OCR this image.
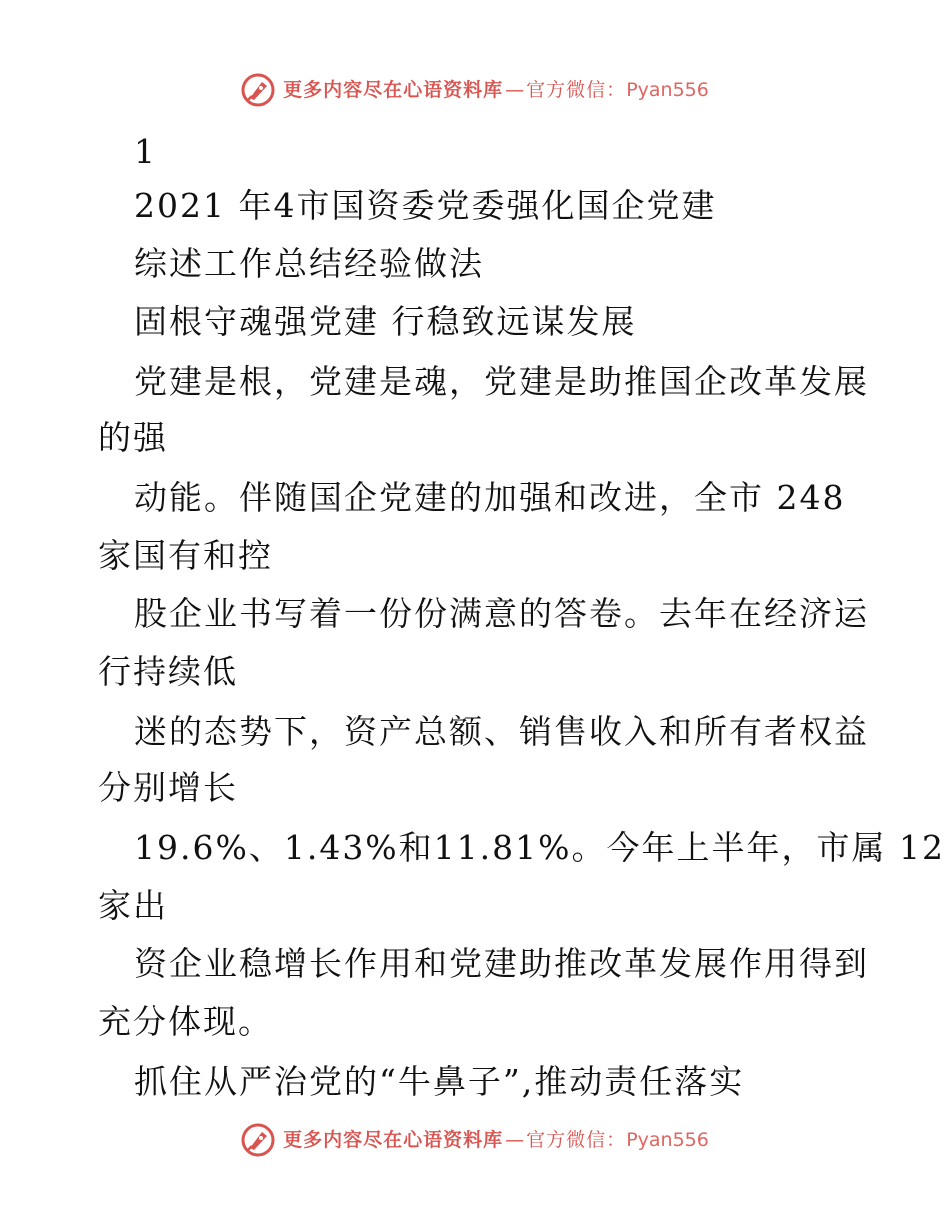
更多内容尽在心语资料库 — 官方微信： Pyan556
1
2021 年4市国资委党委强化国企党建
综述工作总结经验做法
固根守魂强党建 行稳致远谋发展
党建是根，党建是魂，党建是助推国企改革发展
的强
动能。伴随国企党建的加强和改进，全市 248
家国有和控
股企业书写着一份份满意的答卷。去年在经济运
行持续低
迷的态势下，资产总额、销售收入和所有者权益
分别增长
19.6%、1.43%和11.81%。今年上半年，市属 12
家出
资企业稳增长作用和党建助推改革发展作用得到
充分体现。
抓住从严治党的“牛鼻子”,推动责任落实
更多内容尽在心语资料库 — 官方微信： Pyan556
